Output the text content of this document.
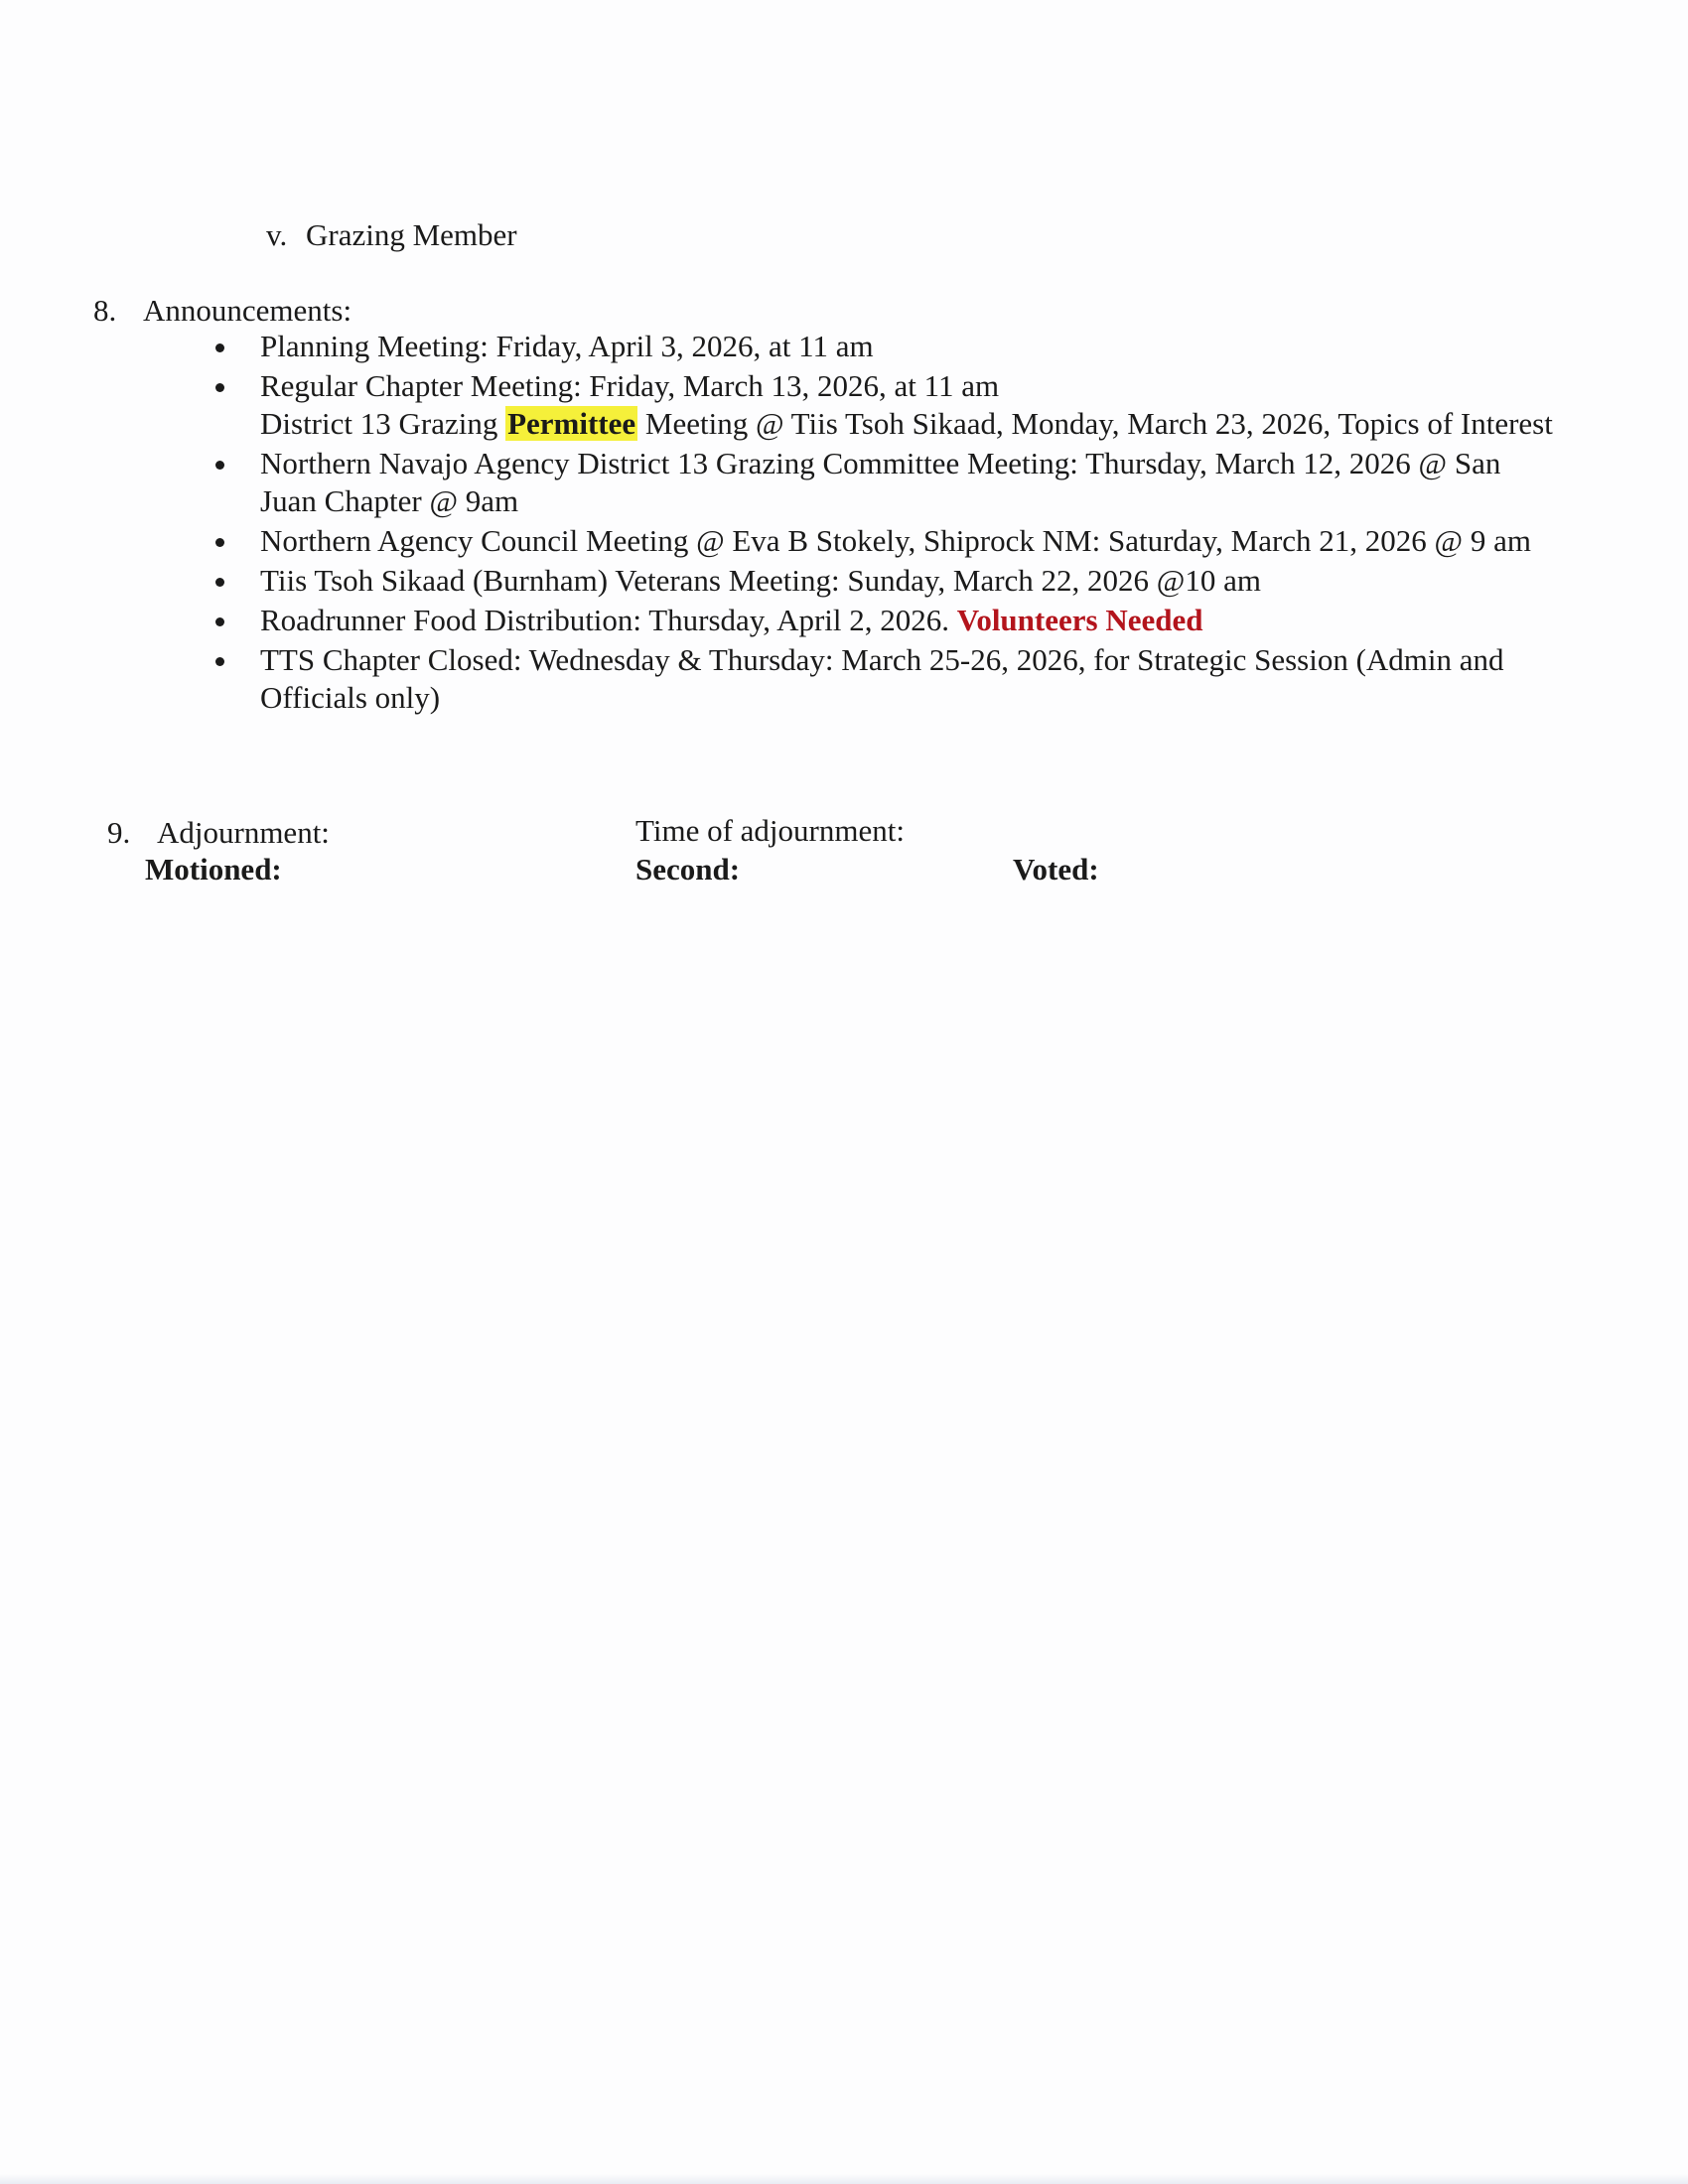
v. Grazing Member
8. Announcements:
Planning Meeting: Friday, April 3, 2026, at 11 am
Regular Chapter Meeting: Friday, March 13, 2026, at 11 am
District 13 Grazing Permittee Meeting @ Tiis Tsoh Sikaad, Monday, March 23, 2026, Topics of Interest
Northern Navajo Agency District 13 Grazing Committee Meeting: Thursday, March 12, 2026 @ San Juan Chapter @ 9am
Northern Agency Council Meeting @ Eva B Stokely, Shiprock NM: Saturday, March 21, 2026 @ 9 am
Tiis Tsoh Sikaad (Burnham) Veterans Meeting: Sunday, March 22, 2026 @10 am
Roadrunner Food Distribution: Thursday, April 2, 2026. Volunteers Needed
TTS Chapter Closed: Wednesday & Thursday: March 25-26, 2026, for Strategic Session (Admin and Officials only)
9. Adjournment:	Time of adjournment:
Motioned:	Second:	Voted:
